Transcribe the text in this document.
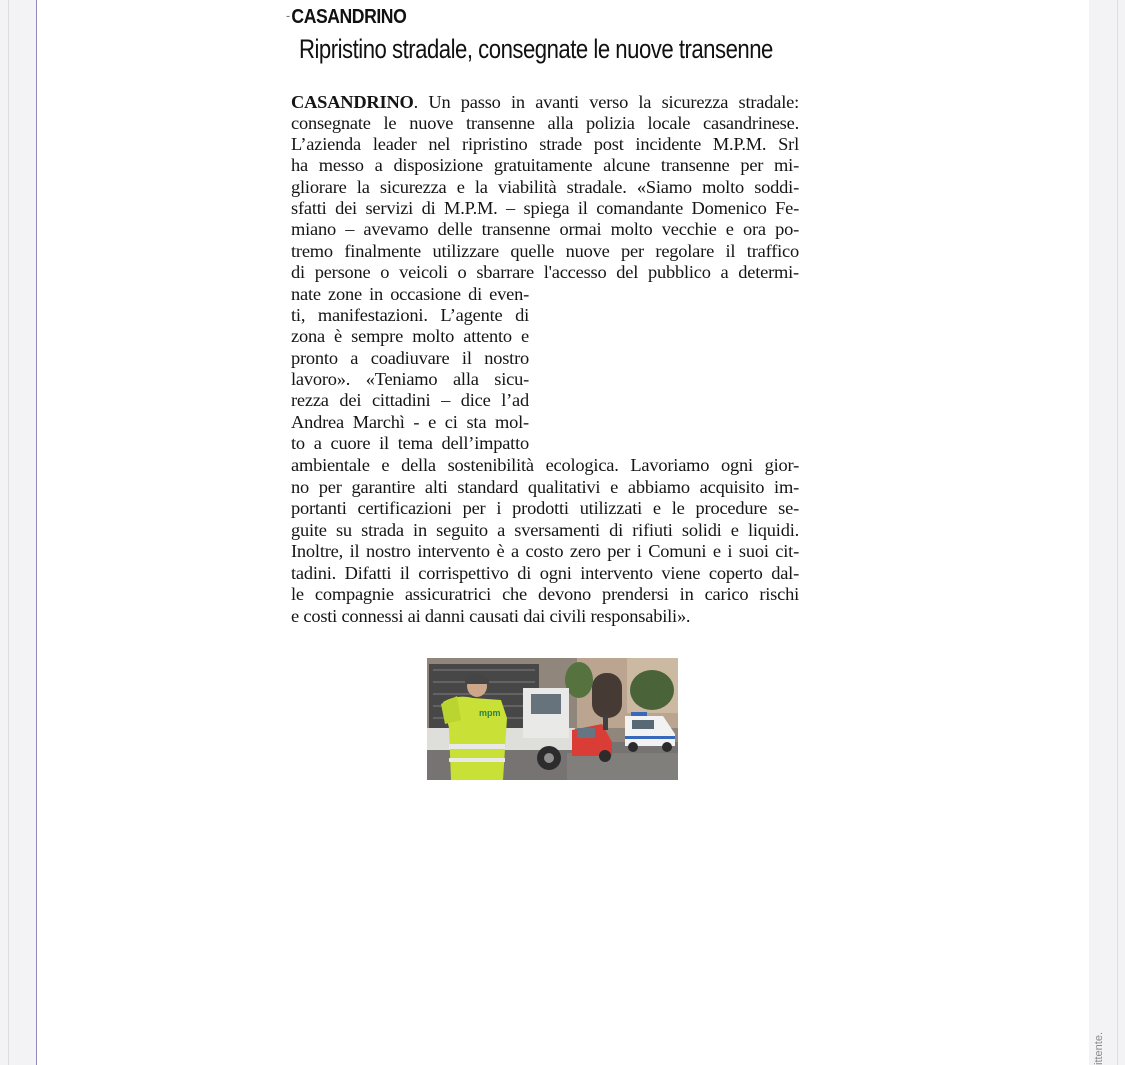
ittente.
-CASANDRINO
Ripristino stradale, consegnate le nuove transenne
CASANDRINO. Un passo in avanti verso la sicurezza stradale:
consegnate le nuove transenne alla polizia locale casandrinese.
L’azienda leader nel ripristino strade post incidente M.P.M. Srl
ha messo a disposizione gratuitamente alcune transenne per mi-
gliorare la sicurezza e la viabilità stradale. «Siamo molto soddi-
sfatti dei servizi di M.P.M. – spiega il comandante Domenico Fe-
miano – avevamo delle transenne ormai molto vecchie e ora po-
tremo finalmente utilizzare quelle nuove per regolare il traffico
di persone o veicoli o sbarrare l'accesso del pubblico a determi-
nate zone in occasione di even-
ti, manifestazioni. L’agente di
zona è sempre molto attento e
pronto a coadiuvare il nostro
lavoro». «Teniamo alla sicu-
rezza dei cittadini – dice l’ad
Andrea Marchì - e ci sta mol-
to a cuore il tema dell’impatto
ambientale e della sostenibilità ecologica. Lavoriamo ogni gior-
no per garantire alti standard qualitativi e abbiamo acquisito im-
portanti certificazioni per i prodotti utilizzati e le procedure se-
guite su strada in seguito a sversamenti di rifiuti solidi e liquidi.
Inoltre, il nostro intervento è a costo zero per i Comuni e i suoi cit-
tadini. Difatti il corrispettivo di ogni intervento viene coperto dal-
le compagnie assicuratrici che devono prendersi in carico rischi
e costi connessi ai danni causati dai civili responsabili».
mpm
